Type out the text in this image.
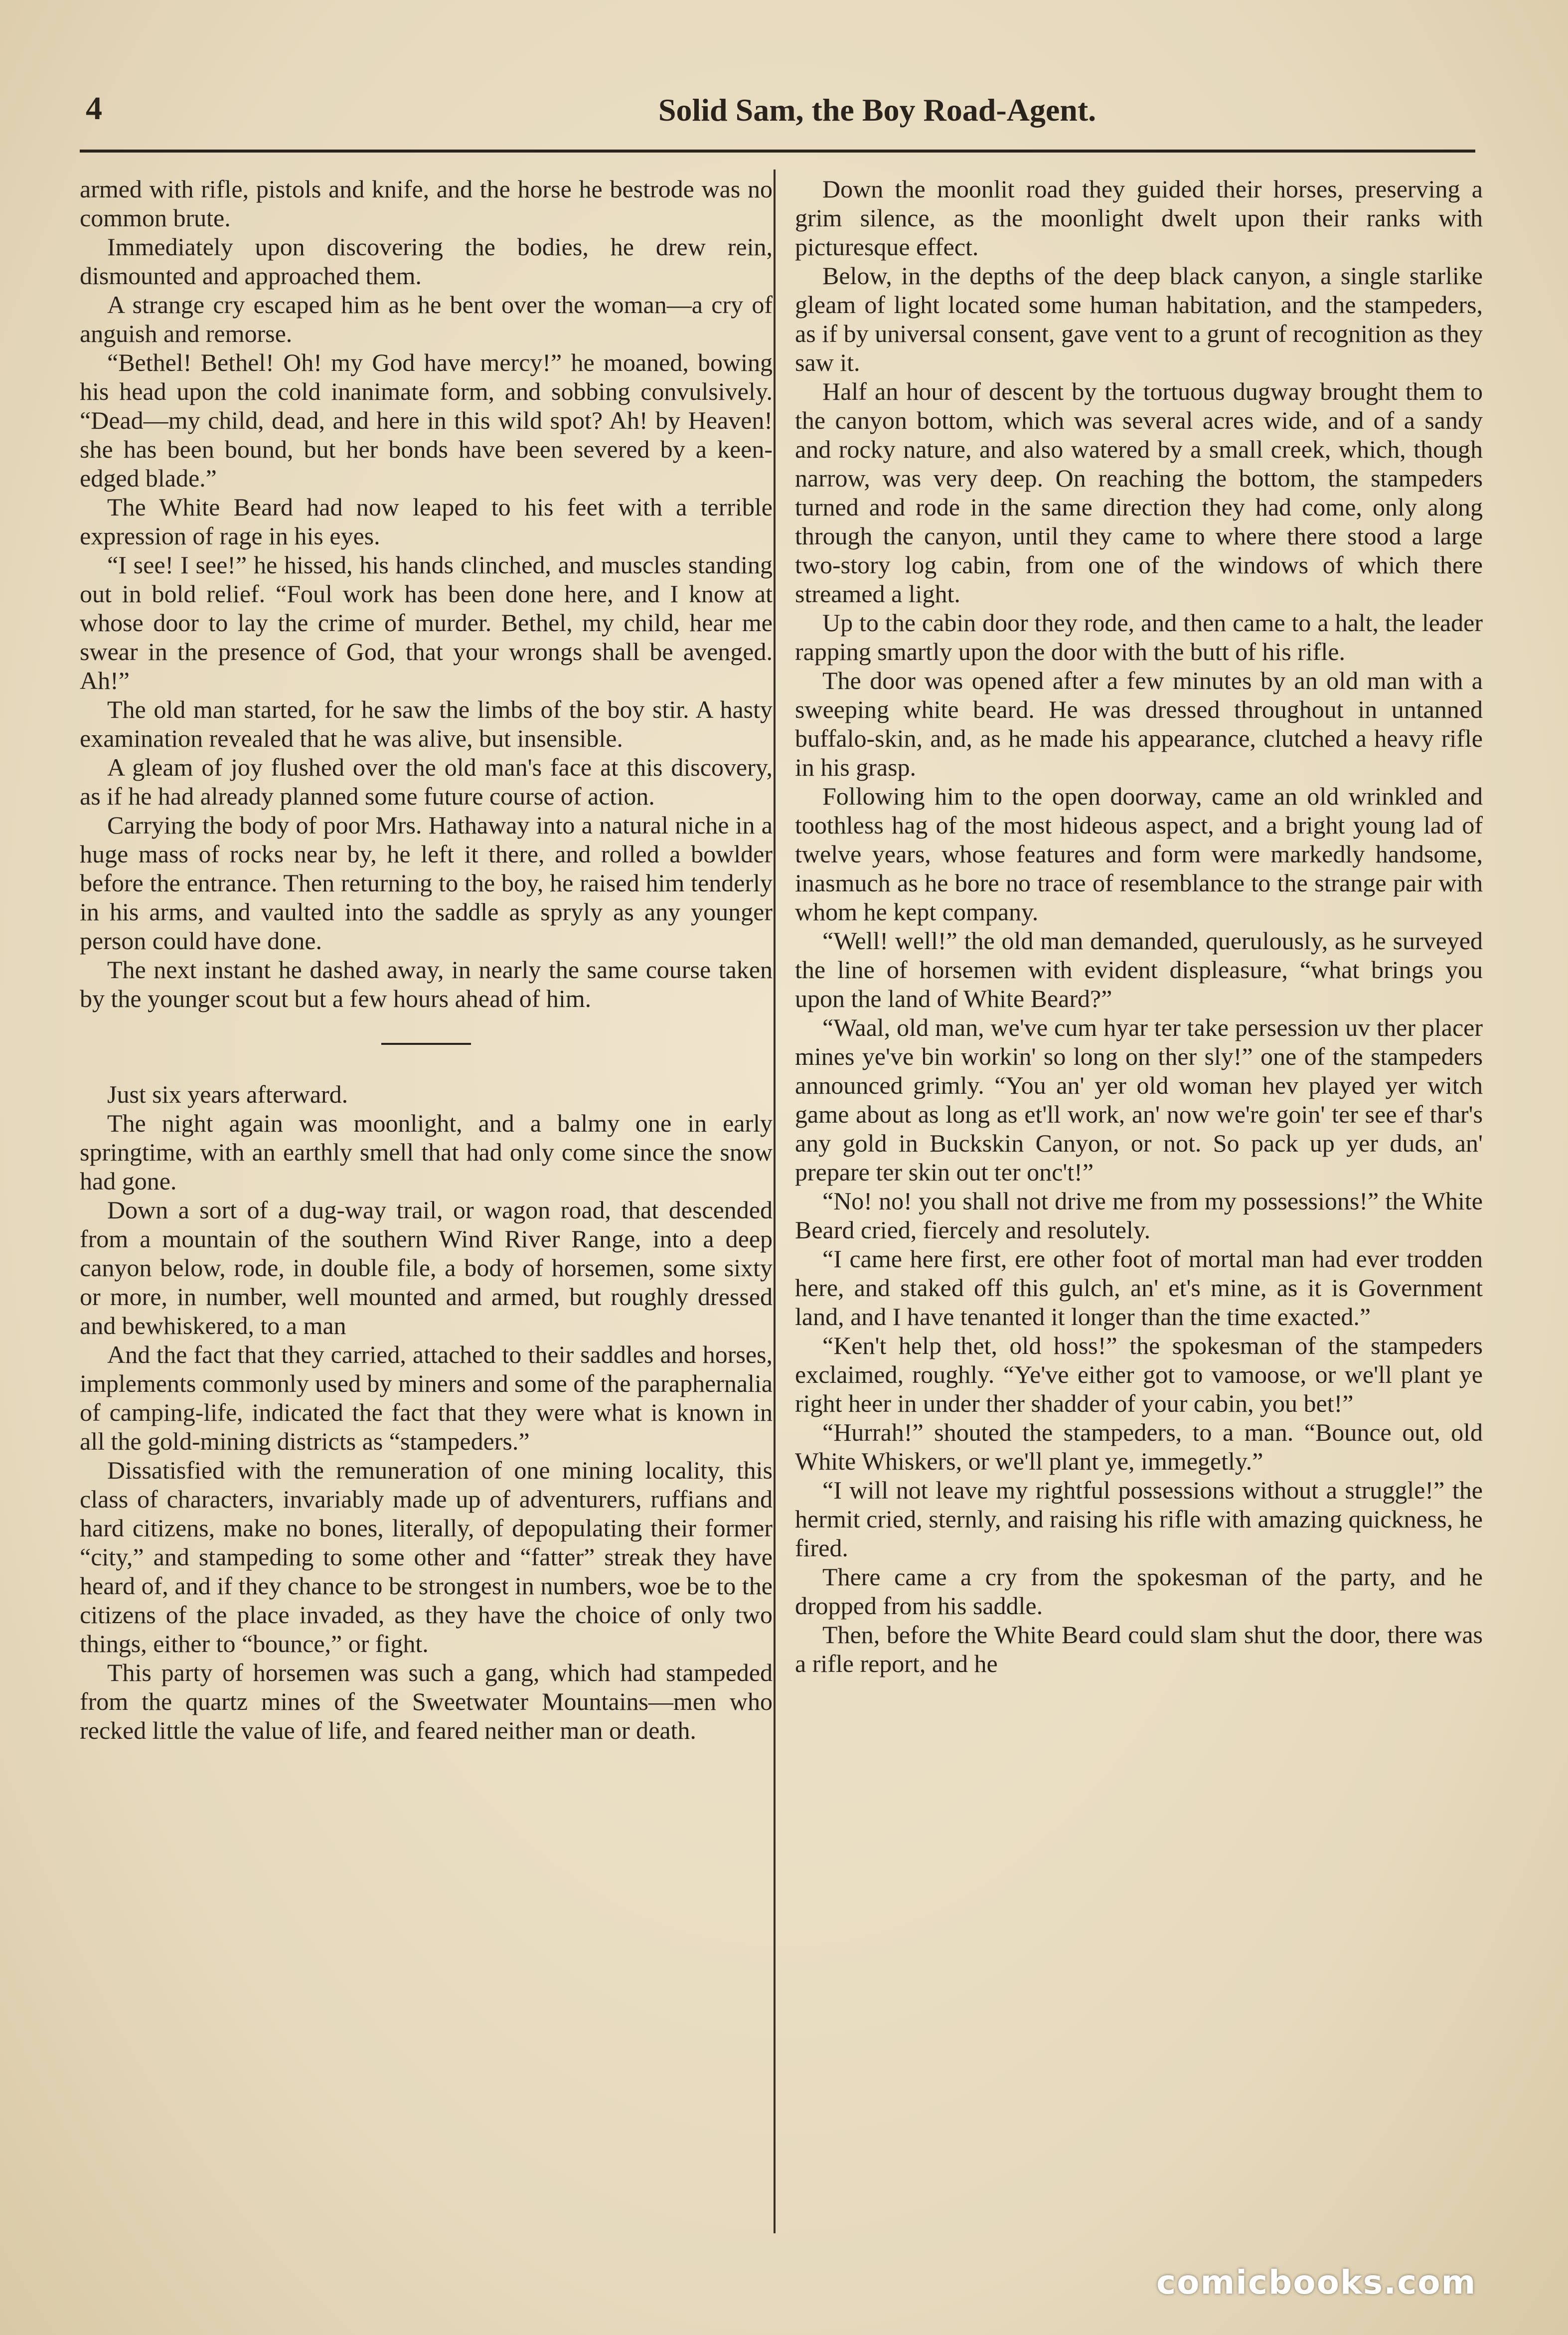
4	Solid Sam, the Boy Road-Agent.

armed with rifle, pistols and knife, and the horse he bestrode was no common brute.

Immediately upon discovering the bodies, he drew rein, dismounted and approached them.

A strange cry escaped him as he bent over the woman—a cry of anguish and remorse.

“Bethel! Bethel! Oh! my God have mercy!” he moaned, bowing his head upon the cold inanimate form, and sobbing convulsively. “Dead—my child, dead, and here in this wild spot? Ah! by Heaven! she has been bound, but her bonds have been severed by a keen-edged blade.”

The White Beard had now leaped to his feet with a terrible expression of rage in his eyes.

“I see! I see!” he hissed, his hands clinched, and muscles standing out in bold relief. “Foul work has been done here, and I know at whose door to lay the crime of murder. Bethel, my child, hear me swear in the presence of God, that your wrongs shall be avenged. Ah!”

The old man started, for he saw the limbs of the boy stir. A hasty examination revealed that he was alive, but insensible.

A gleam of joy flushed over the old man's face at this discovery, as if he had already planned some future course of action.

Carrying the body of poor Mrs. Hathaway into a natural niche in a huge mass of rocks near by, he left it there, and rolled a bowlder before the entrance. Then returning to the boy, he raised him tenderly in his arms, and vaulted into the saddle as spryly as any younger person could have done.

The next instant he dashed away, in nearly the same course taken by the younger scout but a few hours ahead of him.

Just six years afterward.

The night again was moonlight, and a balmy one in early springtime, with an earthly smell that had only come since the snow had gone.

Down a sort of a dug-way trail, or wagon road, that descended from a mountain of the southern Wind River Range, into a deep canyon below, rode, in double file, a body of horsemen, some sixty or more, in number, well mounted and armed, but roughly dressed and bewhiskered, to a man

And the fact that they carried, attached to their saddles and horses, implements commonly used by miners and some of the paraphernalia of camping-life, indicated the fact that they were what is known in all the gold-mining districts as “stampeders.”

Dissatisfied with the remuneration of one mining locality, this class of characters, invariably made up of adventurers, ruffians and hard citizens, make no bones, literally, of depopulating their former “city,” and stampeding to some other and “fatter” streak they have heard of, and if they chance to be strongest in numbers, woe be to the citizens of the place invaded, as they have the choice of only two things, either to “bounce,” or fight.

This party of horsemen was such a gang, which had stampeded from the quartz mines of the Sweetwater Mountains—men who recked little the value of life, and feared neither man or death.

Down the moonlit road they guided their horses, preserving a grim silence, as the moonlight dwelt upon their ranks with picturesque effect.

Below, in the depths of the deep black canyon, a single starlike gleam of light located some human habitation, and the stampeders, as if by universal consent, gave vent to a grunt of recognition as they saw it.

Half an hour of descent by the tortuous dugway brought them to the canyon bottom, which was several acres wide, and of a sandy and rocky nature, and also watered by a small creek, which, though narrow, was very deep. On reaching the bottom, the stampeders turned and rode in the same direction they had come, only along through the canyon, until they came to where there stood a large two-story log cabin, from one of the windows of which there streamed a light.

Up to the cabin door they rode, and then came to a halt, the leader rapping smartly upon the door with the butt of his rifle.

The door was opened after a few minutes by an old man with a sweeping white beard. He was dressed throughout in untanned buffalo-skin, and, as he made his appearance, clutched a heavy rifle in his grasp.

Following him to the open doorway, came an old wrinkled and toothless hag of the most hideous aspect, and a bright young lad of twelve years, whose features and form were markedly handsome, inasmuch as he bore no trace of resemblance to the strange pair with whom he kept company.

“Well! well!” the old man demanded, querulously, as he surveyed the line of horsemen with evident displeasure, “what brings you upon the land of White Beard?”

“Waal, old man, we've cum hyar ter take persession uv ther placer mines ye've bin workin' so long on ther sly!” one of the stampeders announced grimly. “You an' yer old woman hev played yer witch game about as long as et'll work, an' now we're goin' ter see ef thar's any gold in Buckskin Canyon, or not. So pack up yer duds, an' prepare ter skin out ter onc't!”

“No! no! you shall not drive me from my possessions!” the White Beard cried, fiercely and resolutely.

“I came here first, ere other foot of mortal man had ever trodden here, and staked off this gulch, an' et's mine, as it is Government land, and I have tenanted it longer than the time exacted.”

“Ken't help thet, old hoss!” the spokesman of the stampeders exclaimed, roughly. “Ye've either got to vamoose, or we'll plant ye right heer in under ther shadder of your cabin, you bet!”

“Hurrah!” shouted the stampeders, to a man. “Bounce out, old White Whiskers, or we'll plant ye, immegetly.”

“I will not leave my rightful possessions without a struggle!” the hermit cried, sternly, and raising his rifle with amazing quickness, he fired.

There came a cry from the spokesman of the party, and he dropped from his saddle.

Then, before the White Beard could slam shut the door, there was a rifle report, and he

comicbooks.com
